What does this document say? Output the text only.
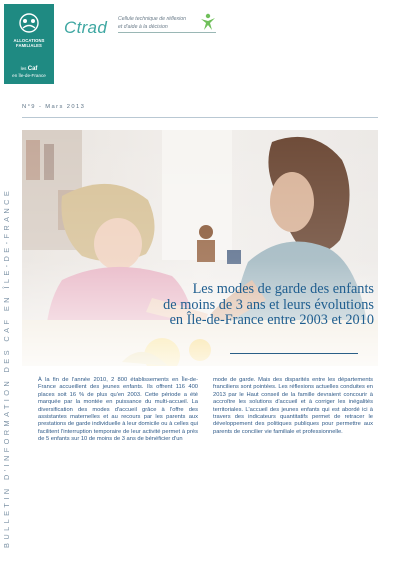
ALLOCATIONS
FAMILIALES
les Caf
en Île-de-France
Ctrad Cellule technique de réflexion
et d'aide à la décision
BULLETIN D'INFORMATION DES CAF EN ÎLE-DE-FRANCE
N°9 - Mars 2013
Les modes de garde des enfants
de moins de 3 ans et leurs évolutions
en Île-de-France entre 2003 et 2010
À la fin de l'année 2010, 2 800 établissements en Île-de-France accueillent des jeunes enfants. Ils offrent 116 400 places soit 16 % de plus qu'en 2003. Cette période a été marquée par la montée en puissance du multi-accueil. La diversification des modes d'accueil grâce à l'offre des assistantes maternelles et au recours par les parents aux prestations de garde individuelle à leur domicile ou à celles qui facilitent l'interruption temporaire de leur activité permet à près de 5 enfants sur 10 de moins de 3 ans de bénéficier d'un
mode de garde. Mais des disparités entre les départements franciliens sont pointées. Les réflexions actuelles conduites en 2013 par le Haut conseil de la famille devraient concourir à accroître les solutions d'accueil et à corriger les inégalités territoriales. L'accueil des jeunes enfants qui est abordé ici à travers des indicateurs quantitatifs permet de retracer le développement des politiques publiques pour permettre aux parents de concilier vie familiale et professionnelle.
